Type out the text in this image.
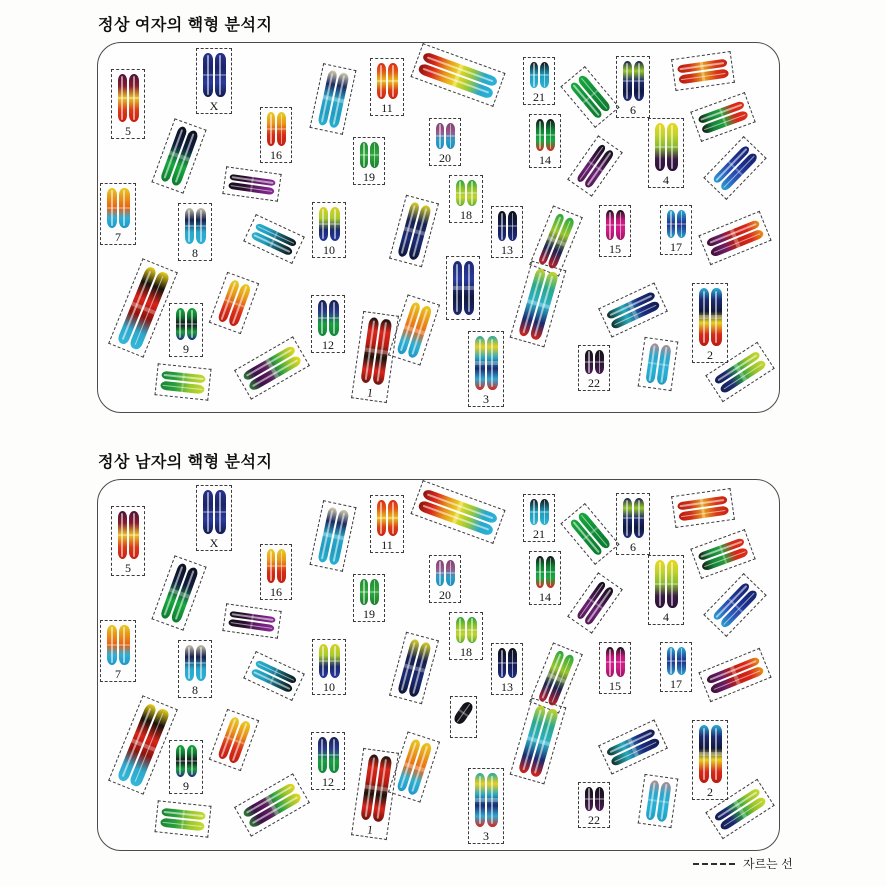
정상 여자의 핵형 분석지
5
X
16
11
21
6
14
4
18
19
20
7
8	10	13	15	17
9	12
1
22
2
3
정상 남자의 핵형 분석지
5
X
16
11
21
6
14
4
18
19
20
7
8	10	13	15	17
9	12
1
22
2
3
자르는 선
